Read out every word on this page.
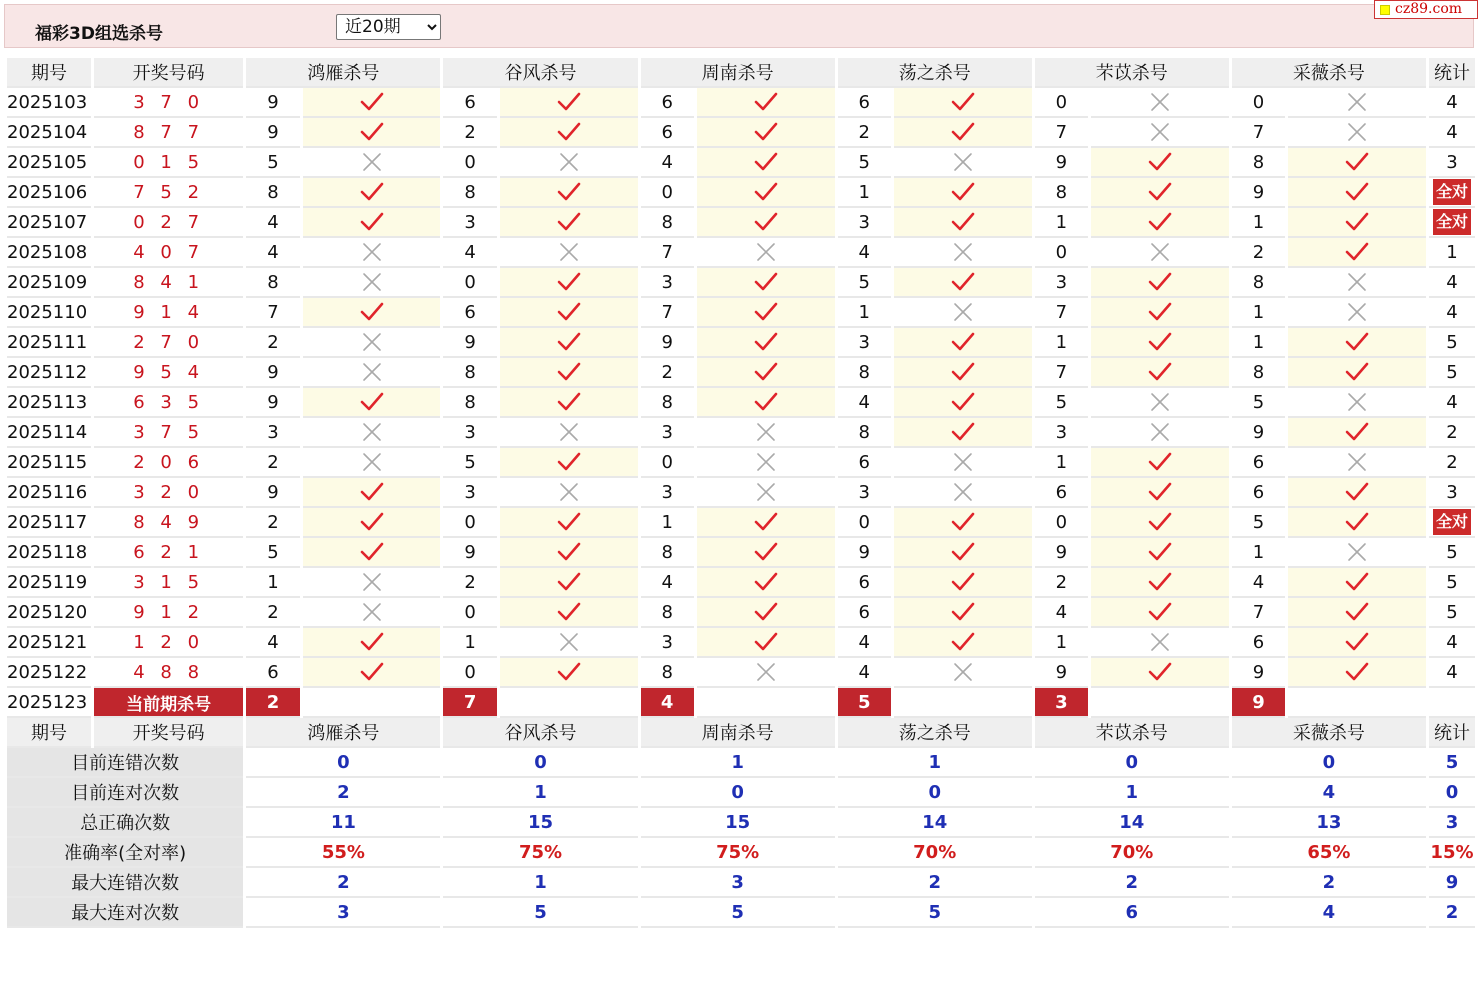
福彩3D组选杀号
近20期
cz89.com
期号	开奖号码	鸿雁杀号		谷风杀号		周南杀号		荡之杀号		芣苡杀号		采薇杀号		统计
2025103	3 7 0	9		6		6		6		0		0		4
2025104	8 7 7	9		2		6		2		7		7		4
2025105	0 1 5	5		0		4		5		9		8		3
2025106	7 5 2	8		8		0		1		8		9		全对
2025107	0 2 7	4		3		8		3		1		1		全对
2025108	4 0 7	4		4		7		4		0		2		1
2025109	8 4 1	8		0		3		5		3		8		4
2025110	9 1 4	7		6		7		1		7		1		4
2025111	2 7 0	2		9		9		3		1		1		5
2025112	9 5 4	9		8		2		8		7		8		5
2025113	6 3 5	9		8		8		4		5		5		4
2025114	3 7 5	3		3		3		8		3		9		2
2025115	2 0 6	2		5		0		6		1		6		2
2025116	3 2 0	9		3		3		3		6		6		3
2025117	8 4 9	2		0		1		0		0		5		全对
2025118	6 2 1	5		9		8		9		9		1		5
2025119	3 1 5	1		2		4		6		2		4		5
2025120	9 1 2	2		0		8		6		4		7		5
2025121	1 2 0	4		1		3		4		1		6		4
2025122	4 8 8	6		0		8		4		9		9		4
2025123	当前期杀号	2		7		4		5		3		9		
期号	开奖号码	鸿雁杀号		谷风杀号		周南杀号		荡之杀号		芣苡杀号		采薇杀号		统计
目前连错次数		0		0		1		1		0		0		5
目前连对次数		2		1		0		0		1		4		0
总正确次数		11		15		15		14		14		13		3
准确率(全对率)		55%		75%		75%		70%		70%		65%		15%
最大连错次数		2		1		3		2		2		2		9
最大连对次数		3		5		5		5		6		4		2
